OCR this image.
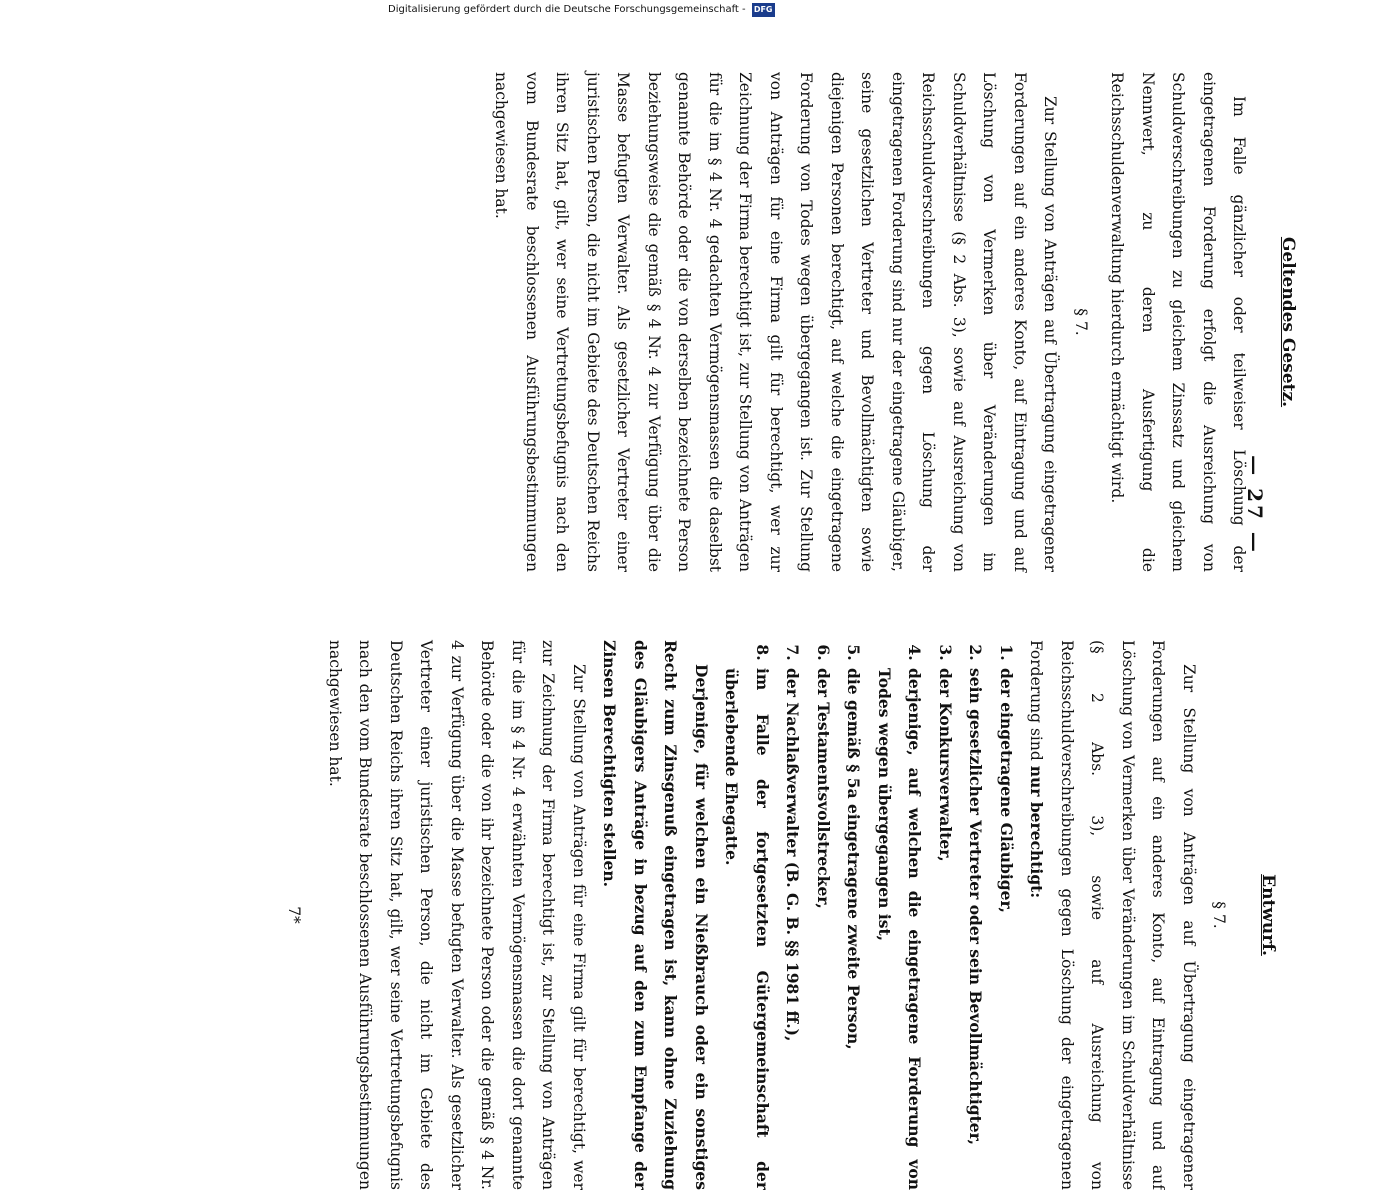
— 27 —
Geltendes Gesetz.

Im Falle gänzlicher oder teilweiser Löschung der eingetragenen Forderung erfolgt die Ausreichung von Schuldverschreibungen zu gleichem Zinssatz und gleichem Nennwert, zu deren Ausfertigung die Reichsschuldenverwaltung hierdurch ermächtigt wird.

§ 7.

Zur Stellung von Anträgen auf Übertragung eingetragener Forderungen auf ein anderes Konto, auf Eintragung und auf Löschung von Vermerken über Veränderungen im Schuldverhältnisse (§ 2 Abs. 3), sowie auf Ausreichung von Reichsschuldverschreibungen gegen Löschung der eingetragenen Forderung sind nur der eingetragene Gläubiger, seine gesetzlichen Vertreter und Bevollmächtigten sowie diejenigen Personen berechtigt, auf welche die eingetragene Forderung von Todes wegen übergegangen ist. Zur Stellung von Anträgen für eine Firma gilt für berechtigt, wer zur Zeichnung der Firma berechtigt ist, zur Stellung von Anträgen für die im § 4 Nr. 4 gedachten Vermögensmassen die daselbst genannte Behörde oder die von derselben bezeichnete Person beziehungsweise die gemäß § 4 Nr. 4 zur Verfügung über die Masse befugten Verwalter. Als gesetzlicher Vertreter einer juristischen Person, die nicht im Gebiete des Deutschen Reichs ihren Sitz hat, gilt, wer seine Vertretungsbefugnis nach den vom Bundesrate beschlossenen Ausführungsbestimmungen nachgewiesen hat.

Entwurf.
§ 7.

Zur Stellung von Anträgen auf Übertragung eingetragener Forderungen auf ein anderes Konto, auf Eintragung und auf Löschung von Vermerken über Veränderungen im Schuldverhältnisse (§ 2 Abs. 3), sowie auf Ausreichung von Reichsschuldverschreibungen gegen Löschung der eingetragenen Forderung sind nur berechtigt:

1. der eingetragene Gläubiger,
2. sein gesetzlicher Vertreter oder sein Bevollmächtigter,
3. der Konkursverwalter,
4. derjenige, auf welchen die eingetragene Forderung von Todes wegen übergegangen ist,
5. die gemäß § 5a eingetragene zweite Person,
6. der Testamentsvollstrecker,
7. der Nachlaßverwalter (B. G. B. §§ 1981 ff.),
8. im Falle der fortgesetzten Gütergemeinschaft der überlebende Ehegatte.

Derjenige, für welchen ein Nießbrauch oder ein sonstiges Recht zum Zinsgenuß eingetragen ist, kann ohne Zuziehung des Gläubigers Anträge in bezug auf den zum Empfange der Zinsen Berechtigten stellen.

Zur Stellung von Anträgen für eine Firma gilt für berechtigt, wer zur Zeichnung der Firma berechtigt ist, zur Stellung von Anträgen für die im § 4 Nr. 4 erwähnten Vermögensmassen die dort genannte Behörde oder die von ihr bezeichnete Person oder die gemäß § 4 Nr. 4 zur Verfügung über die Masse befugten Verwalter. Als gesetzlicher Vertreter einer juristischen Person, die nicht im Gebiete des Deutschen Reichs ihren Sitz hat, gilt, wer seine Vertretungsbefugnis nach den vom Bundesrate beschlossenen Ausführungsbestimmungen nachgewiesen hat.

7*
Digitalisierung gefördert durch die Deutsche Forschungsgemeinschaft - DFG
